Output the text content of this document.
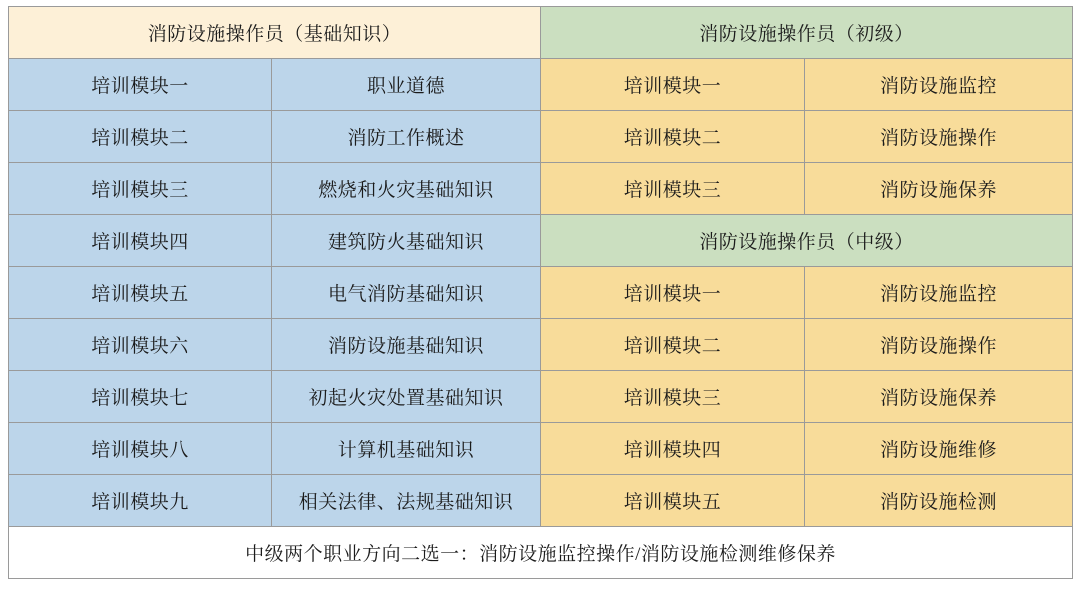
消防设施操作员（基础知识）		消防设施操作员（初级）	
培训模块一	职业道德	培训模块一	消防设施监控
培训模块二	消防工作概述	培训模块二	消防设施操作
培训模块三	燃烧和火灾基础知识	培训模块三	消防设施保养
培训模块四	建筑防火基础知识	消防设施操作员（中级）	
培训模块五	电气消防基础知识	培训模块一	消防设施监控
培训模块六	消防设施基础知识	培训模块二	消防设施操作
培训模块七	初起火灾处置基础知识	培训模块三	消防设施保养
培训模块八	计算机基础知识	培训模块四	消防设施维修
培训模块九	相关法律、法规基础知识	培训模块五	消防设施检测
中级两个职业方向二选一：消防设施监控操作/消防设施检测维修保养			
